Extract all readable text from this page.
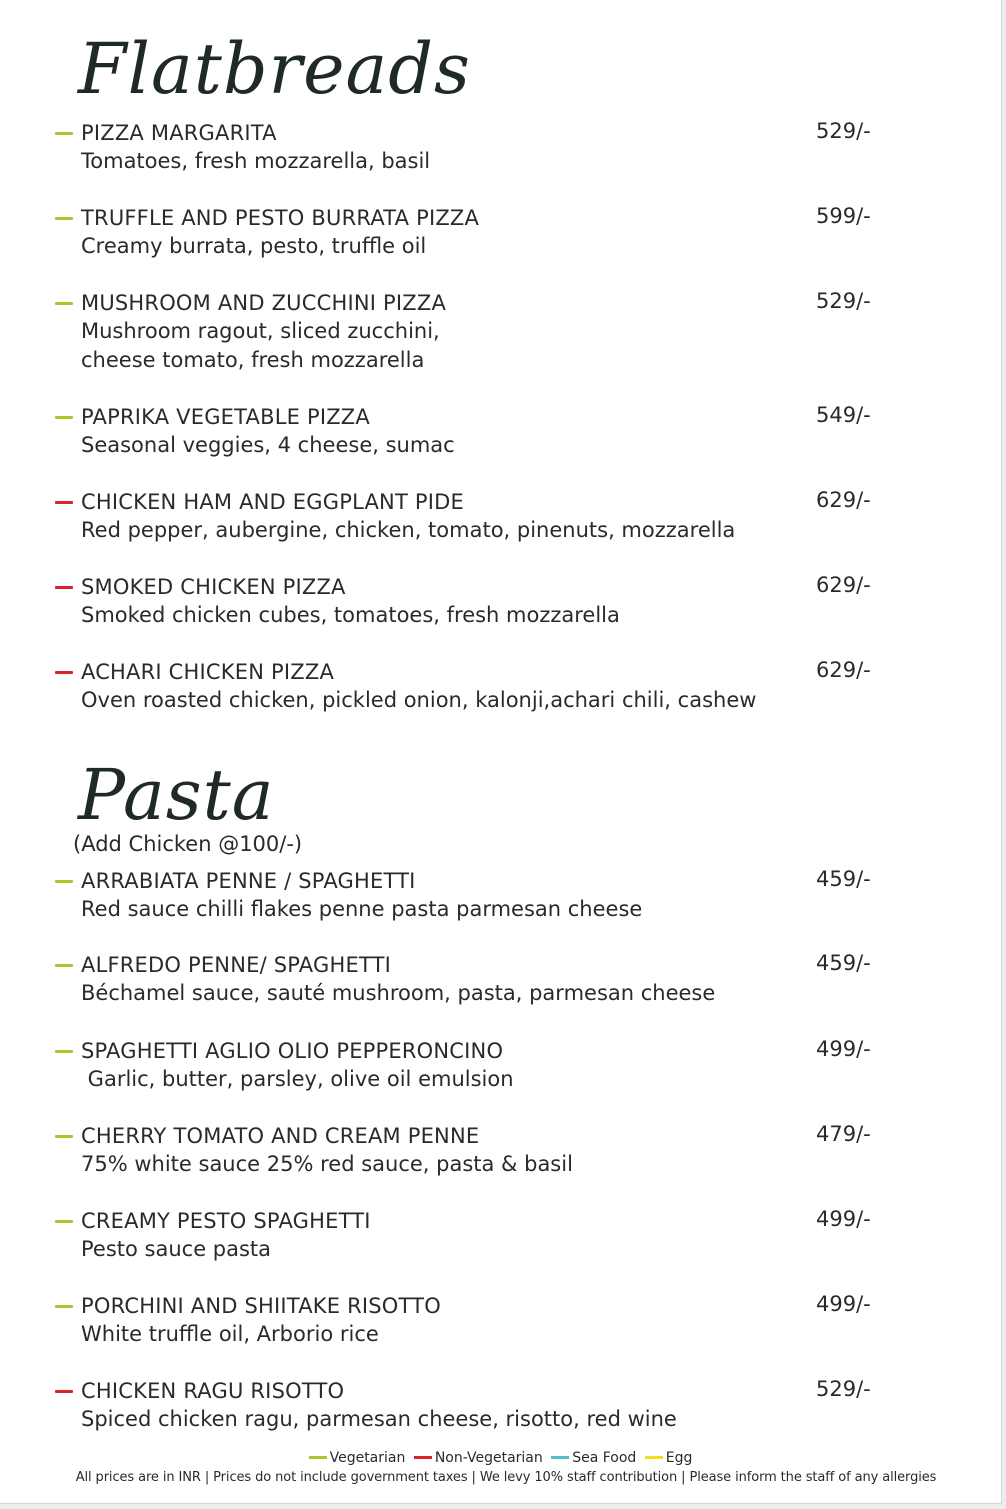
Flatbreads
PIZZA MARGARITA
Tomatoes, fresh mozzarella, basil
529/-
TRUFFLE AND PESTO BURRATA PIZZA
Creamy burrata, pesto, truffle oil
599/-
MUSHROOM AND ZUCCHINI PIZZA
Mushroom ragout, sliced zucchini,
cheese tomato, fresh mozzarella
529/-
PAPRIKA VEGETABLE PIZZA
Seasonal veggies, 4 cheese, sumac
549/-
CHICKEN HAM AND EGGPLANT PIDE
Red pepper, aubergine, chicken, tomato, pinenuts, mozzarella
629/-
SMOKED CHICKEN PIZZA
Smoked chicken cubes, tomatoes, fresh mozzarella
629/-
ACHARI CHICKEN PIZZA
Oven roasted chicken, pickled onion, kalonji,achari chili, cashew
629/-
Pasta
(Add Chicken @100/-)
ARRABIATA PENNE / SPAGHETTI
Red sauce chilli flakes penne pasta parmesan cheese
459/-
ALFREDO PENNE/ SPAGHETTI
Béchamel sauce, sauté mushroom, pasta, parmesan cheese
459/-
SPAGHETTI AGLIO OLIO PEPPERONCINO
Garlic, butter, parsley, olive oil emulsion
499/-
CHERRY TOMATO AND CREAM PENNE
75% white sauce 25% red sauce, pasta & basil
479/-
CREAMY PESTO SPAGHETTI
Pesto sauce pasta
499/-
PORCHINI AND SHIITAKE RISOTTO
White truffle oil, Arborio rice
499/-
CHICKEN RAGU RISOTTO
Spiced chicken ragu, parmesan cheese, risotto, red wine
529/-
Vegetarian Non-Vegetarian Sea Food Egg
All prices are in INR | Prices do not include government taxes | We levy 10% staff contribution | Please inform the staff of any allergies
